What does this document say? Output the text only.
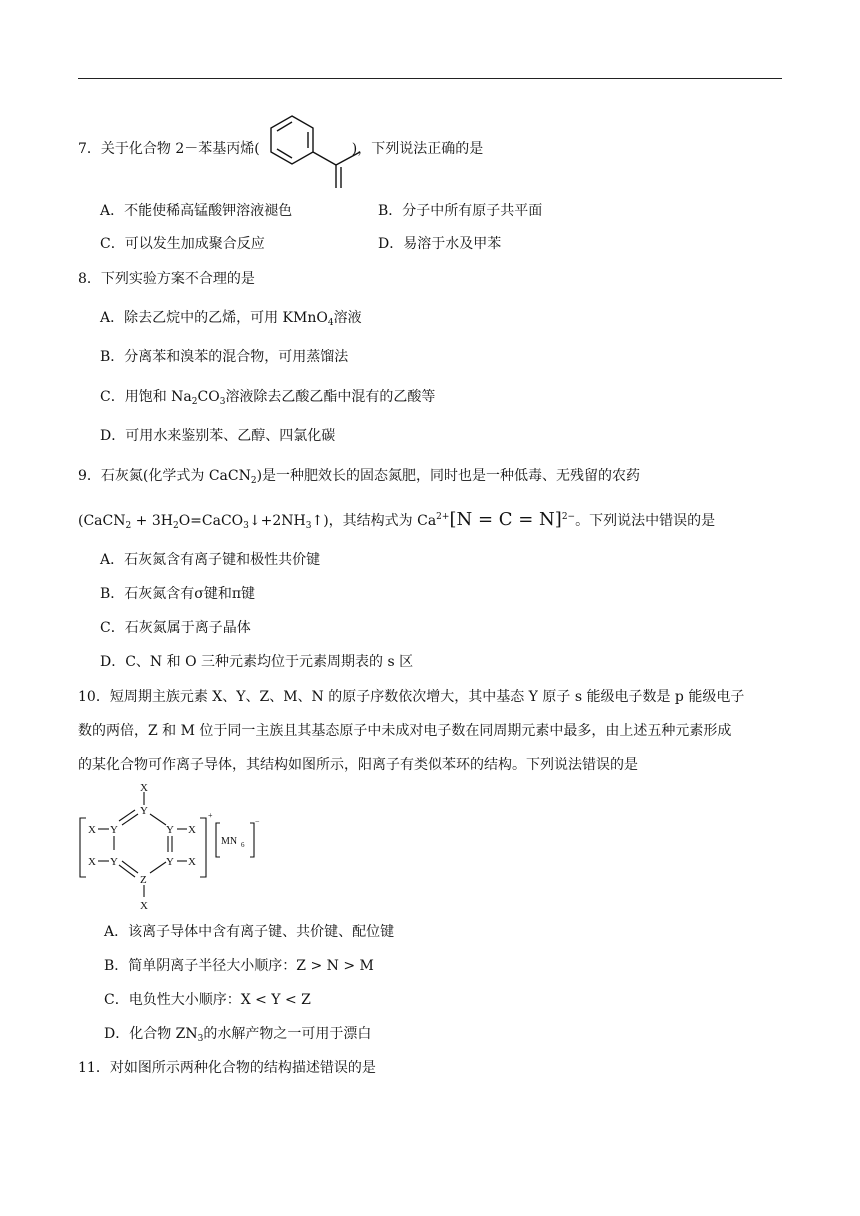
7．关于化合物 2－苯基丙烯(	)，下列说法正确的是
A．不能使稀高锰酸钾溶液褪色	B．分子中所有原子共平面
C．可以发生加成聚合反应	D．易溶于水及甲苯
8．下列实验方案不合理的是
A．除去乙烷中的乙烯，可用 KMnO$_4$溶液
B．分离苯和溴苯的混合物，可用蒸馏法
C．用饱和 $Na_2CO_3$溶液除去乙酸乙酯中混有的乙酸等
D．可用水来鉴别苯、乙醇、四氯化碳
9．石灰氮(化学式为 CaCN$_2$)是一种肥效长的固态氮肥，同时也是一种低毒、无残留的农药
(CaCN$_2$ + $3H_2O=CaCO_3↓+2NH_3↑$)，其结构式为 $Ca^{2+}[N = C = N]^{2-}$。下列说法中错误的是
A．石灰氮含有离子键和极性共价键
B．石灰氮含有σ键和π键
C．石灰氮属于离子晶体
D．C、N 和 O 三种元素均位于元素周期表的 s 区
10．短周期主族元素 X、Y、Z、M、N 的原子序数依次增大，其中基态 Y 原子 s 能级电子数是 p 能级电子
数的两倍，Z 和 M 位于同一主族且其基态原子中未成对电子数在同周期元素中最多，由上述五种元素形成
的某化合物可作离子导体，其结构如图所示，阳离子有类似苯环的结构。下列说法错误的是
X
Y
X Y	Y X
X Y	Y X
Z
X
+
MN 6
−
A．该离子导体中含有离子键、共价键、配位键
B．简单阴离子半径大小顺序：Z > N > M
C．电负性大小顺序：X < Y < Z
D．化合物 $ZN_3$的水解产物之一可用于漂白
11．对如图所示两种化合物的结构描述错误的是
